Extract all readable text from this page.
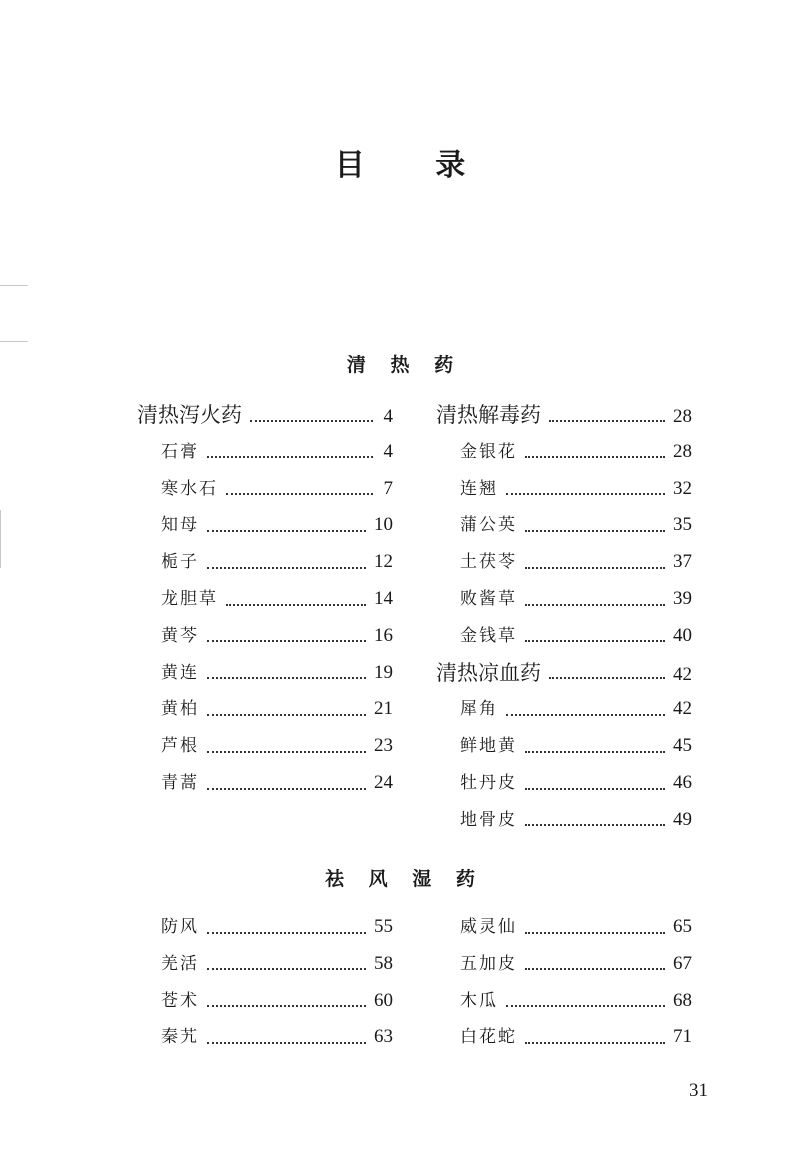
目 录
清 热 药
清热泻火药	4
石膏	4
寒水石	7
知母	10
栀子	12
龙胆草	14
黄芩	16
黄连	19
黄柏	21
芦根	23
青蒿	24
清热解毒药	28
金银花	28
连翘	32
蒲公英	35
土茯苓	37
败酱草	39
金钱草	40
清热凉血药	42
犀角	42
鲜地黄	45
牡丹皮	46
地骨皮	49
祛 风 湿 药
防风	55
羌活	58
苍术	60
秦艽	63
威灵仙	65
五加皮	67
木瓜	68
白花蛇	71
31
